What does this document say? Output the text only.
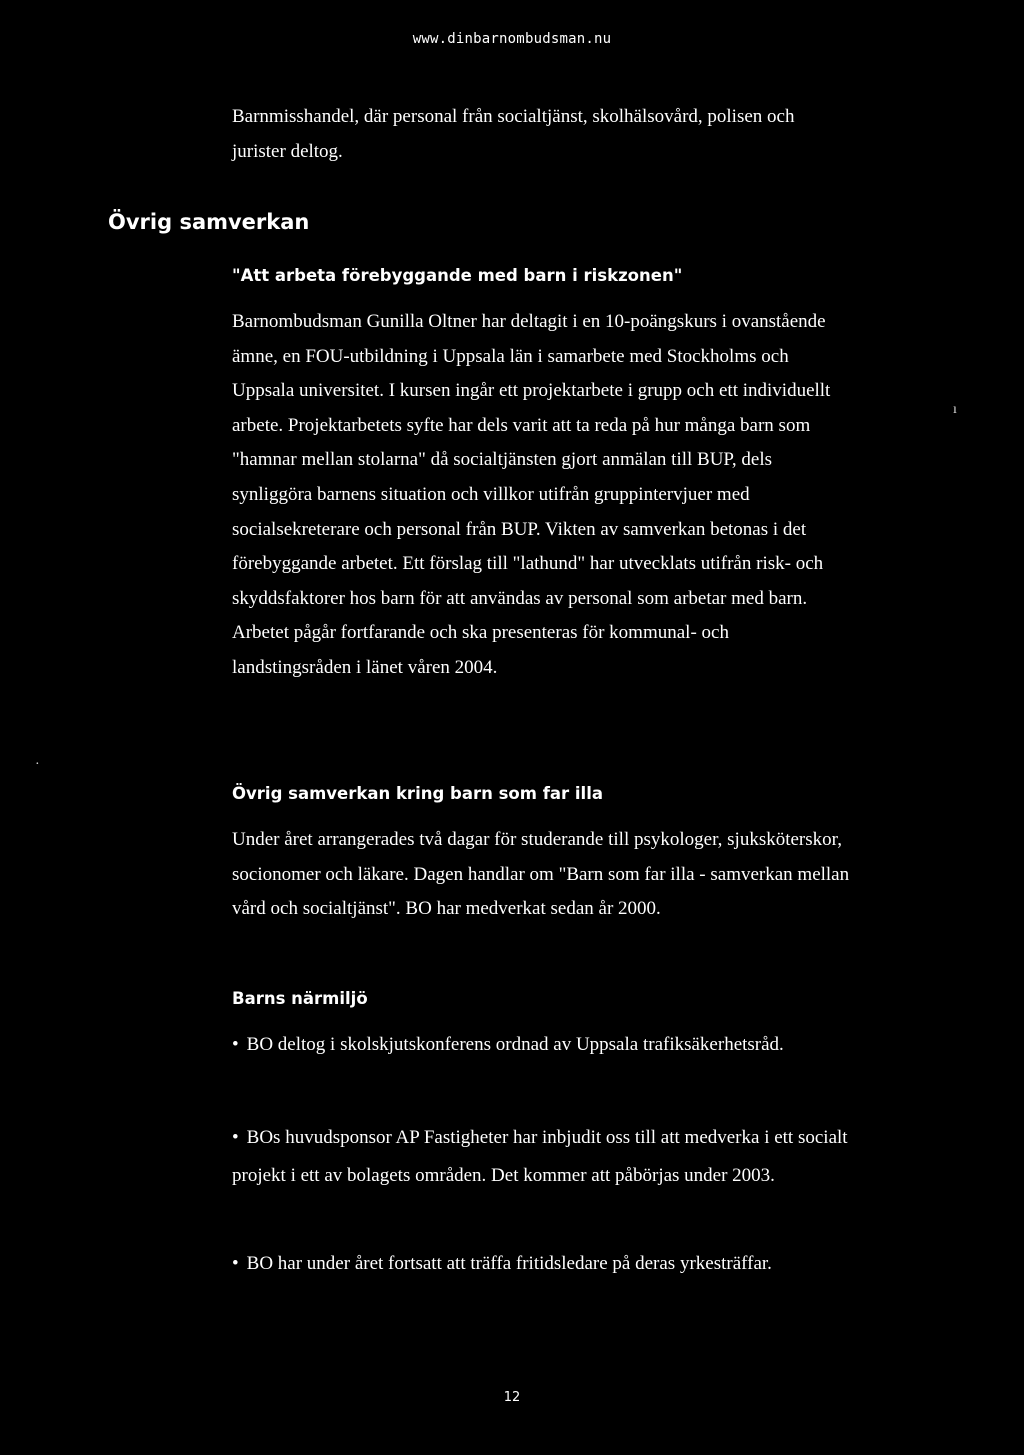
www.dinbarnombudsman.nu

Barnmisshandel, där personal från socialtjänst, skolhälsovård, polisen och jurister deltog.

Övrig samverkan
"Att arbeta förebyggande med barn i riskzonen"

Barnombudsman Gunilla Oltner har deltagit i en 10-poängskurs i ovanstående ämne, en FOU-utbildning i Uppsala län i samarbete med Stockholms och Uppsala universitet. I kursen ingår ett projektarbete i grupp och ett individuellt arbete. Projektarbetets syfte har dels varit att ta reda på hur många barn som "hamnar mellan stolarna" då socialtjänsten gjort anmälan till BUP, dels synliggöra barnens situation och villkor utifrån gruppintervjuer med socialsekreterare och personal från BUP. Vikten av samverkan betonas i det förebyggande arbetet. Ett förslag till "lathund" har utvecklats utifrån risk- och skyddsfaktorer hos barn för att användas av personal som arbetar med barn. Arbetet pågår fortfarande och ska presenteras för kommunal- och landstingsråden i länet våren 2004.

ı
·
Övrig samverkan kring barn som far illa

Under året arrangerades två dagar för studerande till psykologer, sjuksköterskor, socionomer och läkare. Dagen handlar om "Barn som far illa - samverkan mellan vård och socialtjänst". BO har medverkat sedan år 2000.

Barns närmiljö
• BO deltog i skolskjutskonferens ordnad av Uppsala trafiksäkerhetsråd.
• BOs huvudsponsor AP Fastigheter har inbjudit oss till att medverka i ett socialt projekt i ett av bolagets områden. Det kommer att påbörjas under 2003.
• BO har under året fortsatt att träffa fritidsledare på deras yrkesträffar.
12
